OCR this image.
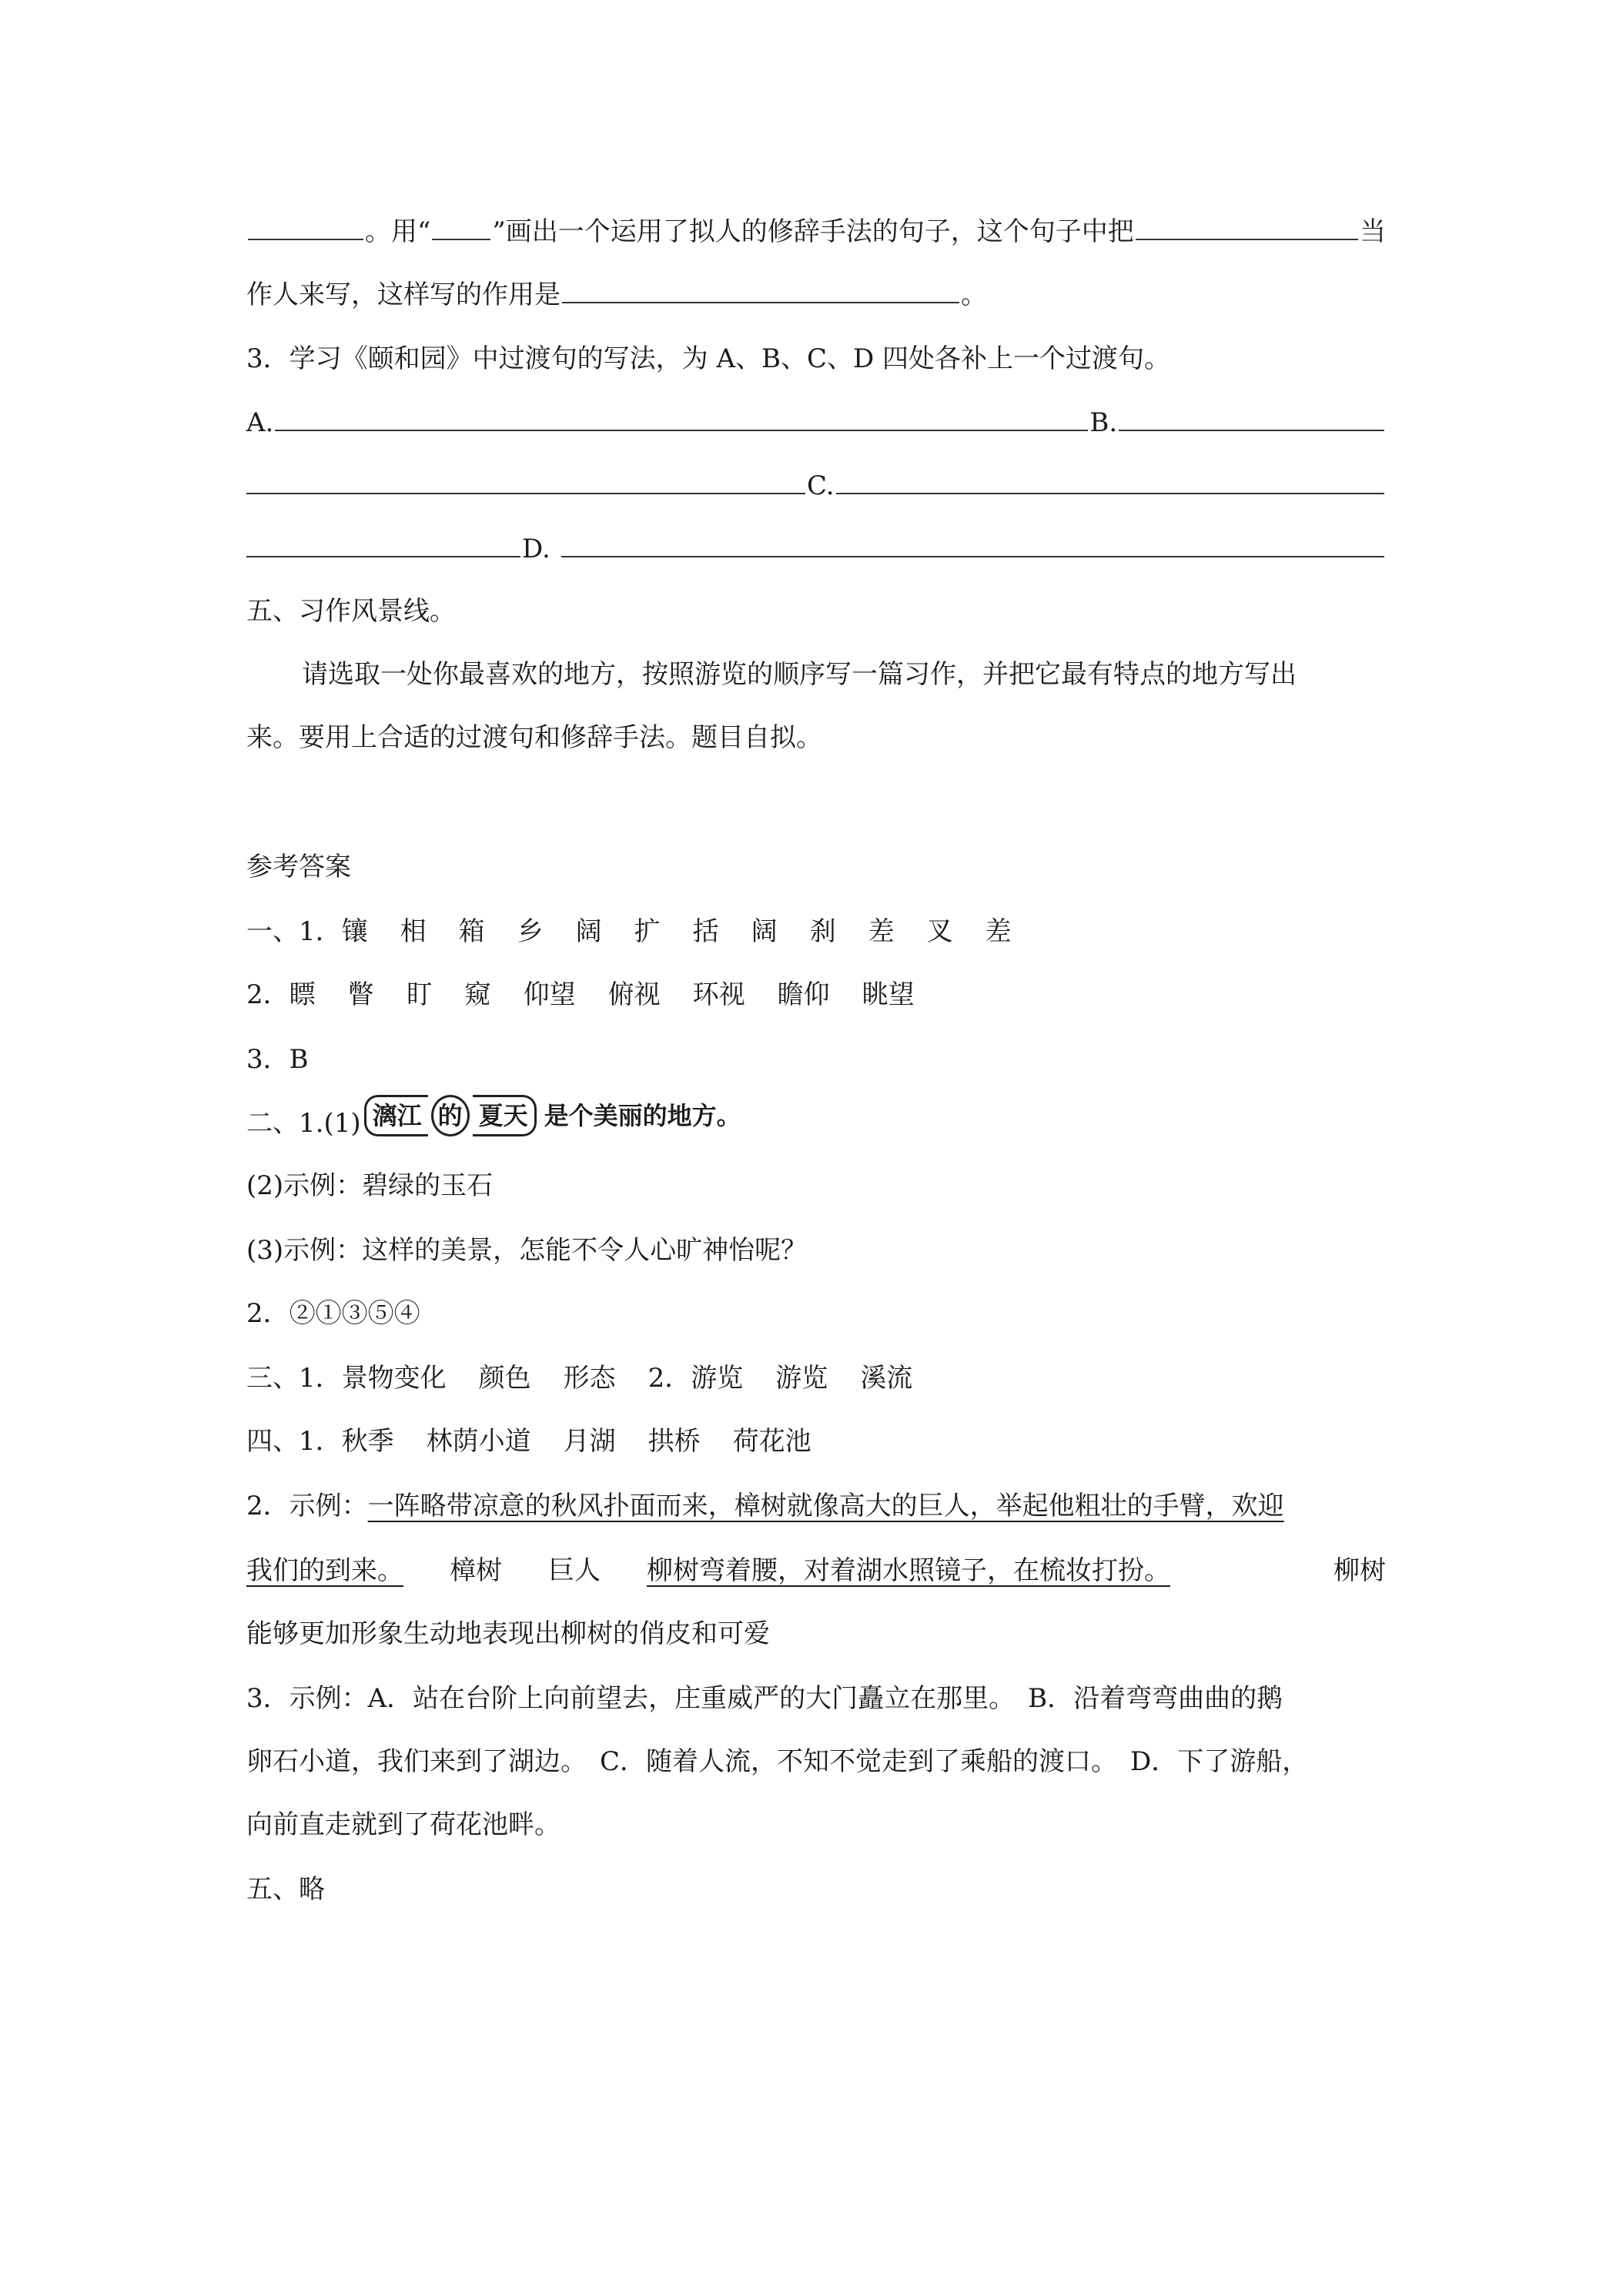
。用“ ”画出一个运用了拟人的修辞手法的句子，这个句子中把	当
作人来写，这样写的作用是	。
3．学习《颐和园》中过渡句的写法，为 A、B、C、D 四处各补上一个过渡句。
A.	B.
C.
D.
五、习作风景线。
请选取一处你最喜欢的地方，按照游览的顺序写一篇习作，并把它最有特点的地方写出
来。要用上合适的过渡句和修辞手法。题目自拟。
参考答案
一、1． 镶 相 箱 乡 阔 扩 括 阔 刹 差 叉 差
2． 瞟 瞥 盯 窥 仰望 俯视 环视 瞻仰 眺望
3．B
二、1.(1) 漓江 的 夏天 是个美丽的地方。
(2)示例：碧绿的玉石
(3)示例：这样的美景，怎能不令人心旷神怡呢？
2．②①③⑤④
三、1．景物变化 颜色 形态 2．游览 游览 溪流
四、1．秋季 林荫小道 月湖 拱桥 荷花池
2．示例： 一阵略带凉意的秋风扑面而来，樟树就像高大的巨人，举起他粗壮的手臂，欢迎
我们的到来。 樟树 巨人 柳树弯着腰，对着湖水照镜子，在梳妆打扮。	柳树
能够更加形象生动地表现出柳树的俏皮和可爱
3．示例：A．站在台阶上向前望去，庄重威严的大门矗立在那里。　B．沿着弯弯曲曲的鹅
卵石小道，我们来到了湖边。　C．随着人流，不知不觉走到了乘船的渡口。　D．下了游船，
向前直走就到了荷花池畔。
五、略
